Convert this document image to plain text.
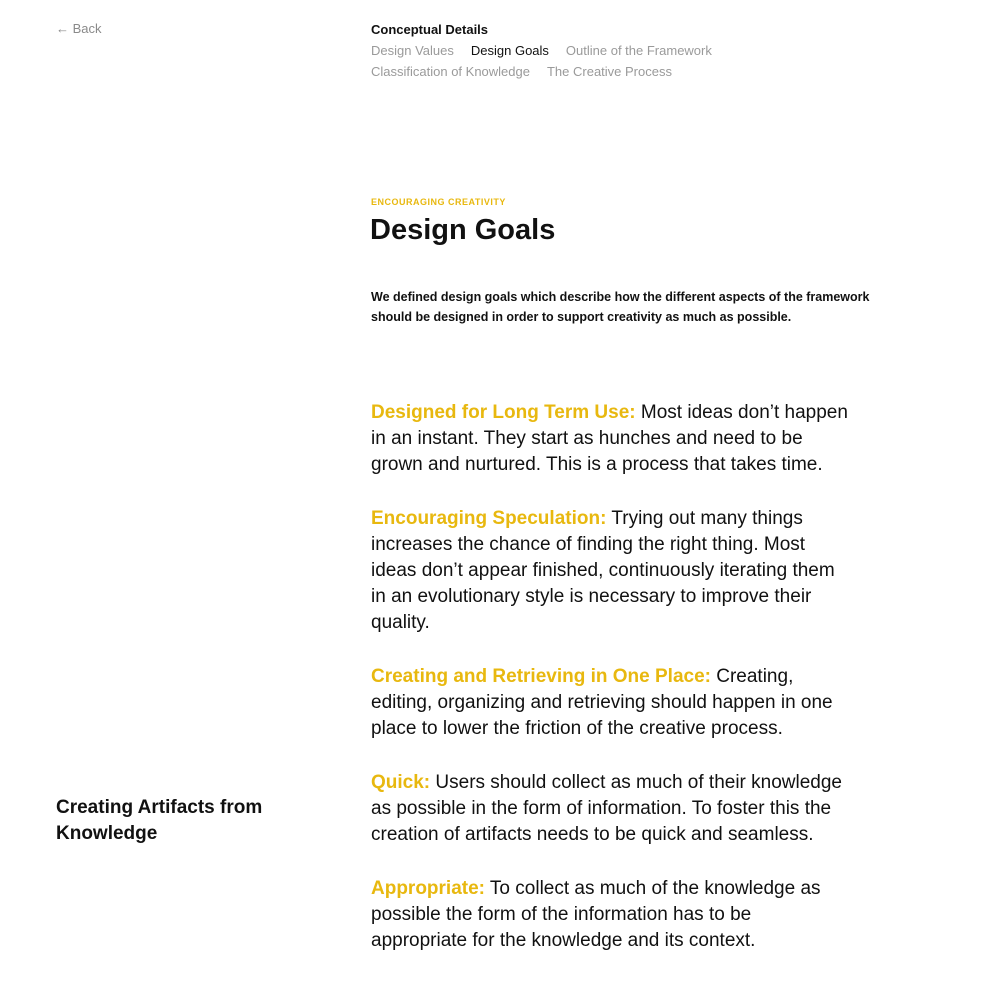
← Back	Conceptual Details
Design Values Design Goals Outline of the Framework
Classification of Knowledge The Creative Process
ENCOURAGING CREATIVITY
Design Goals

We defined design goals which describe how the different aspects of the framework should be designed in order to support creativity as much as possible.

Designed for Long Term Use: Most ideas don’t happen in an instant. They start as hunches and need to be grown and nurtured. This is a process that takes time.

Encouraging Speculation: Trying out many things increases the chance of finding the right thing. Most ideas don’t appear finished, continuously iterating them in an evolutionary style is necessary to improve their quality.

Creating and Retrieving in One Place: Creating, editing, organizing and retrieving should happen in one place to lower the friction of the creative process.

Quick: Users should collect as much of their knowledge as possible in the form of information. To foster this the creation of artifacts needs to be quick and seamless.

Appropriate: To collect as much of the knowledge as possible the form of the information has to be appropriate for the knowledge and its context.

Creating Artifacts from Knowledge
